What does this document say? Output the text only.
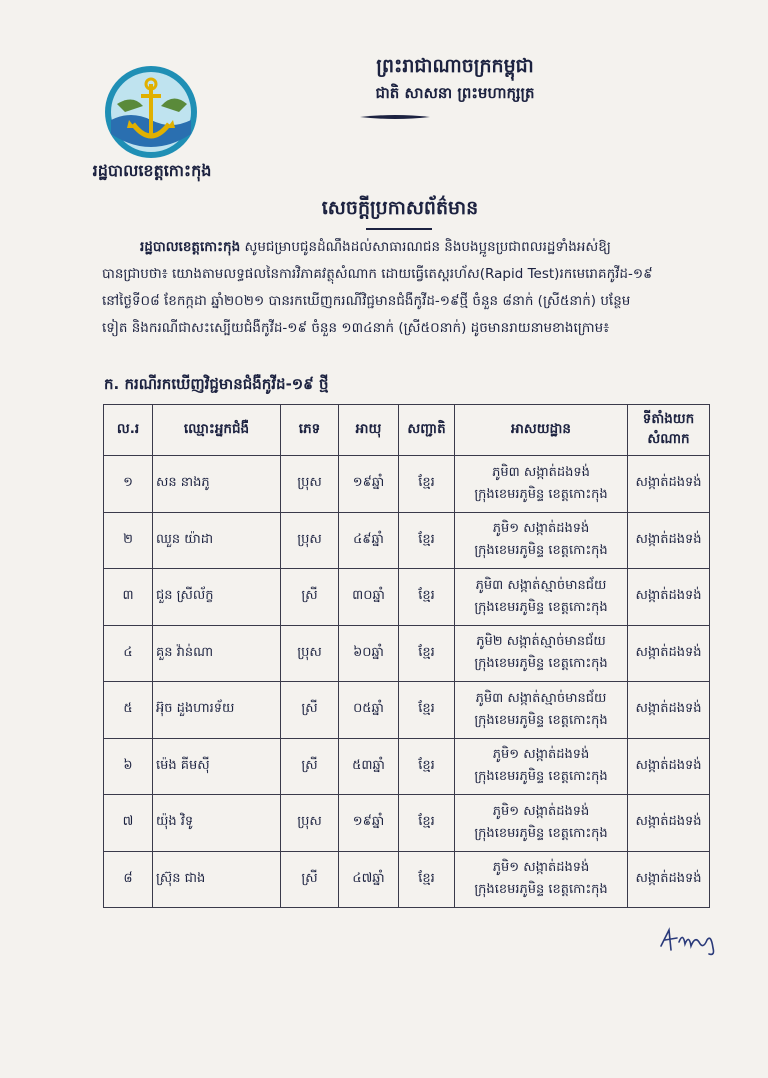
រដ្ឋបាលខេត្តកោះកុង
ព្រះរាជាណាចក្រកម្ពុជា
ជាតិ សាសនា ព្រះមហាក្សត្រ
សេចក្តីប្រកាសព័ត៌មាន
រដ្ឋបាលខេត្តកោះកុង សូមជម្រាបជូនដំណឹងដល់សាធារណជន និងបងប្អូនប្រជាពលរដ្ឋទាំងអស់ឱ្យ
បានជ្រាបថា៖ យោងតាមលទ្ធផលនៃការវិភាគវត្ថុសំណាក ដោយធ្វើតេស្តរហ័ស(Rapid Test)រកមេរោគកូវីដ-១៩
នៅថ្ងៃទី០៨ ខែកក្កដា ឆ្នាំ២០២១ បានរកឃើញករណីវិជ្ជមានជំងឺកូវីដ-១៩ថ្មី ចំនួន ៨នាក់ (ស្រី៥នាក់) បន្ថែម
ទៀត និងករណីជាសះស្បើយជំងឺកូវីដ-១៩ ចំនួន ១៣៤នាក់ (ស្រី៥០នាក់) ដូចមានរាយនាមខាងក្រោម៖
ក. ករណីរកឃើញវិជ្ជមានជំងឺកូវីដ-១៩ ថ្មី
ល.រ	ឈ្មោះអ្នកជំងឺ	ភេទ	អាយុ	សញ្ជាតិ	អាសយដ្ឋាន	ទីតាំងយក សំណាក
១	សន នាងភូ	ប្រុស	១៩ឆ្នាំ	ខ្មែរ	ភូមិ៣ សង្កាត់ដងទង់
ក្រុងខេមរភូមិន្ទ ខេត្តកោះកុង	សង្កាត់ដងទង់
២	ឈួន យ៉ាដា	ប្រុស	៤៩ឆ្នាំ	ខ្មែរ	ភូមិ១ សង្កាត់ដងទង់
ក្រុងខេមរភូមិន្ទ ខេត្តកោះកុង	សង្កាត់ដងទង់
៣	ជួន ស្រីល័ក្ខ	ស្រី	៣០ឆ្នាំ	ខ្មែរ	ភូមិ៣ សង្កាត់ស្មាច់មានជ័យ
ក្រុងខេមរភូមិន្ទ ខេត្តកោះកុង	សង្កាត់ដងទង់
៤	គួន វ៉ាន់ណា	ប្រុស	៦០ឆ្នាំ	ខ្មែរ	ភូមិ២ សង្កាត់ស្មាច់មានជ័យ
ក្រុងខេមរភូមិន្ទ ខេត្តកោះកុង	សង្កាត់ដងទង់
៥	អ៊ុច ដួងហារទ័យ	ស្រី	០៥ឆ្នាំ	ខ្មែរ	ភូមិ៣ សង្កាត់ស្មាច់មានជ័យ
ក្រុងខេមរភូមិន្ទ ខេត្តកោះកុង	សង្កាត់ដងទង់
៦	ម៉េង គីមស៊ី	ស្រី	៥៣ឆ្នាំ	ខ្មែរ	ភូមិ១ សង្កាត់ដងទង់
ក្រុងខេមរភូមិន្ទ ខេត្តកោះកុង	សង្កាត់ដងទង់
៧	យ៉ុង វិទូ	ប្រុស	១៩ឆ្នាំ	ខ្មែរ	ភូមិ១ សង្កាត់ដងទង់
ក្រុងខេមរភូមិន្ទ ខេត្តកោះកុង	សង្កាត់ដងទង់
៨	ស្រ៊ុន ជាង	ស្រី	៤៧ឆ្នាំ	ខ្មែរ	ភូមិ១ សង្កាត់ដងទង់
ក្រុងខេមរភូមិន្ទ ខេត្តកោះកុង	សង្កាត់ដងទង់
